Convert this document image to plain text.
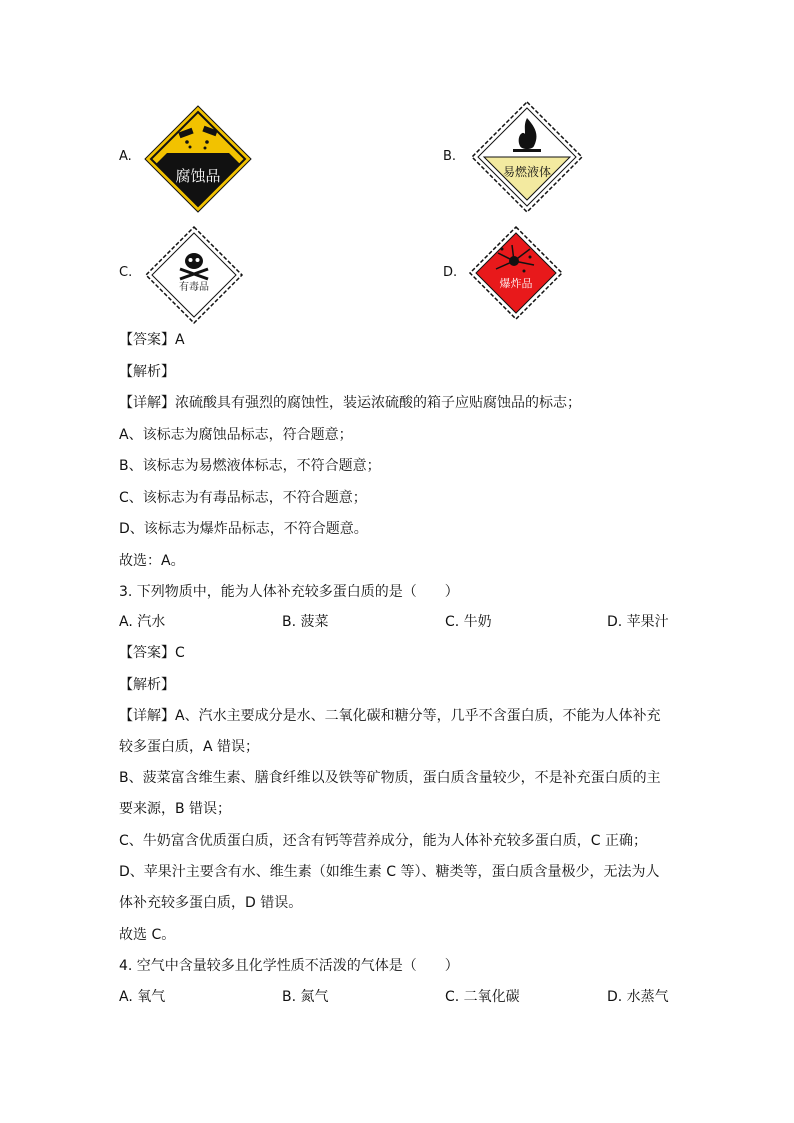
A.
腐蚀品
B.
易燃液体
C.
有毒品
D.
爆炸品
【答案】A
【解析】
【详解】浓硫酸具有强烈的腐蚀性，装运浓硫酸的箱子应贴腐蚀品的标志；
A、该标志为腐蚀品标志，符合题意；
B、该标志为易燃液体标志，不符合题意；
C、该标志为有毒品标志，不符合题意；
D、该标志为爆炸品标志，不符合题意。
故选：A。
3. 下列物质中，能为人体补充较多蛋白质的是（　　）
A. 汽水	B. 菠菜	C. 牛奶	D. 苹果汁
【答案】C
【解析】
【详解】A、汽水主要成分是水、二氧化碳和糖分等，几乎不含蛋白质，不能为人体补充
较多蛋白质，A 错误；
B、菠菜富含维生素、膳食纤维以及铁等矿物质，蛋白质含量较少，不是补充蛋白质的主
要来源，B 错误；
C、牛奶富含优质蛋白质，还含有钙等营养成分，能为人体补充较多蛋白质，C 正确；
D、苹果汁主要含有水、维生素（如维生素 C 等）、糖类等，蛋白质含量极少，无法为人
体补充较多蛋白质，D 错误。
故选 C。
4. 空气中含量较多且化学性质不活泼的气体是（　　）
A. 氧气	B. 氮气	C. 二氧化碳	D. 水蒸气
